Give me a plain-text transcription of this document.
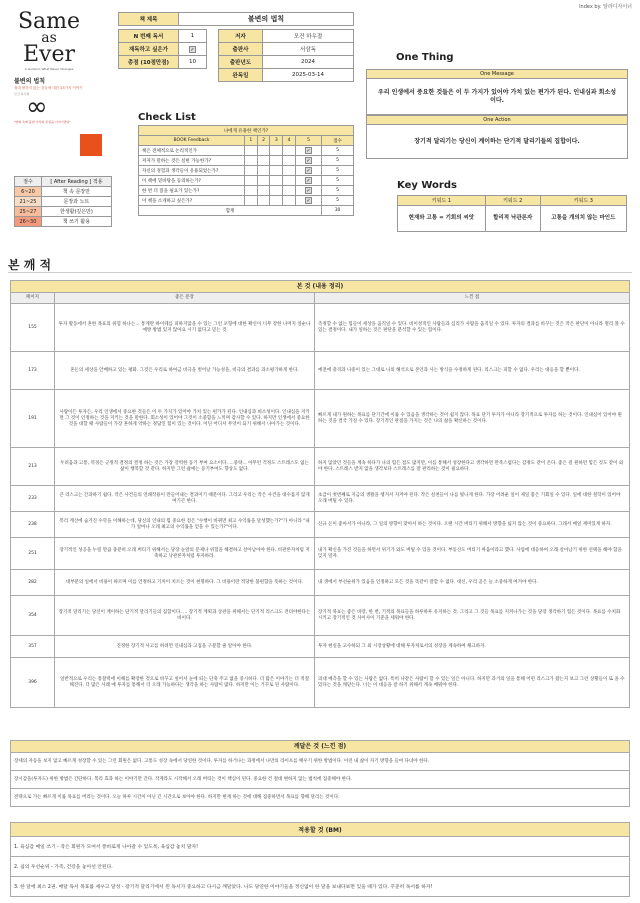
Index by. 알라디자이너
Same
as
Ever
A Guide to What Never Changes
불변의 법칙
절대 변하지 않는 것들에 대한 23가지 이야기
모건 하우절
∞
"변화 속에 불변 가치의 본질을 이야기한다"
점수	[ After Reading ] 적용
6~20	책 속 문장만
21~25	문장과 노트
25~27	한생활(깊은만)
26~30	책 쓰기 활용
책 제목	불변의 법칙			

N 번째 독서	1		저자	모건 하우절
재독하고 싶은가	✓		출판사	서삼독
총점 (10점만점)	10		출판년도	2024
			완독일	2025-03-14
One Thing
One Message
우리 인생에서 중요한 것들은 이 두 가지가 있어야 가치 있는 편가가 된다. 인내심과 회소성이다.
One Action
장기적 달리기는 당신이 계이하는 단기적 달리기들의 집합이다.
Check List
나에게 유용한 책인가?						
BOOK Feedback	1	2	3	4	5	점수
책은 전체적으로 논리적인가					✓	5
저자가 말하는 것은 실현 가능한가?					✓	5
자신의 경험과 생각들이 유용되었는가?					✓	5
이 책에 밑바탕을 동의하는가?					✓	5
한 번 더 읽을 필요가 있는가?					✓	5
이 책을 소개하고 싶은가?					✓	5
합계						30
Key Words
키워드 1	키워드 2	키워드 3
현재와 고통 = 기회의 씨앗	합리적 낙관론자	고통을 개의치 않는 마인드
본 깨 적
본 것 (내용 정리)		
페이지	좋은 문장	느낀 점
155	투자 활동에서 흔한 목표의 위험 하나는... 통계란 하이테를 피하지않을 수 있는 그런 포형에 대한 확신이 너무 강한 나머지 일순나 예방 방법 있지 않아요 시기 없다고 믿는 것	측정할 수 없는 힘들이 세상을 움직일 수 있다. 비이성적인 사람들과 심리가 사람을 움직일 수 있다. 투자의 결과를 바꾸는 것은 작은 판단이 아니라 멀리 볼 수 있는 결정이다. 내가 일하는 것은 판단을 분석할 수 있는 힘이다.
173	혼돈의 세상을 안배하고 있는 평화. 그것은 우리로 하여금 비극을 벗어날 가능성을, 비극의 결과를 과소평가하게 한다.	예전에 충격과 나중이 있는 그대로 나의 해석으로 본인과 사는 방식을 수정하게 된다. 리스크는 피할 수 없다. 우리는 대응을 할 뿐이다.
191	사람이든 투자든, 우리 인생에서 중요한 것들은 이 두 가지가 있어야 가치 있는 편가가 된다. 인내심과 희소성이다. 인내심을 지키면 그 것이 인정하는 것을 지키는 것을 말한다. 회소성이 있어야 그것이 소중함을 느끼며 감사할 수 있다. 하지만 인생에서 중요한 것을 대할 때 사람들이 가장 흔하게 약하는 정답인 힘이 있는 것이다. 어딘 어디서 무엇이 되기 위해서 나아가는 것이다.	빠르게 내가 원하는 목표를 단기간에 이룰 수 있음을 생각하는 것이 쉽지 않다. 목표 단기 투자가 아니라 장기적으로 투자를 하는 것이다. 인내심이 있어야 원하는 것을 결국 가질 수 있다. 장기적인 관점을 가지는 것은 나의 삶을 확신하는 것이다.
213	두려움과 고통, 역경은 긍정적 결정의 결정 하는 것은 가장 강력한 동기 부여 요소이다. ...중략... 아무런 걱정도 스트레스도 없는 삶이 행복할 것 같다. 하지만 그런 삶에는 동기부여도 향상도 없다.	하지 않았던 것들을 계속 하다가 나의 힘든 점도 많지만, 이를 통해서 성장한다고 생각하면 만족스럽다는 감정도 같이 온다. 좋은 걸 원하면 힘든 것도 같이 와야 한다. 스트레스 받지 않을 생각보다 스트레스를 잘 관리하는 것이 필요하다.
233	큰 리스크는 간과하기 쉽다. 작은 사건들의 연쇄작용이 만들어내는 결과이기 때문이다. 그리고 우리는 작은 사건을 대수롭지 않게 여기곤 한다.	초급이 첫번째로 지금의 생활을 챙겨서 지켜야 된다. 작은 실천들이 나를 빛나게 한다. 가장 어려운 일이 제일 좋은 기회일 수 있다. 일에 대한 철학이 있어야 오래 버틸 수 있다.
238	복리 계산에 숨겨진 수학을 이해하는데, 당신의 인내의 힘 중요한 점은 "수행이 바뀌면 최고 수익률을 달성했는가?"가 아니라 "내가 얼마나 오래 최고의 수익률을 얻을 수 있는가?"이다.	신규 돈이 좋아서가 아니라, 그 일의 방향이 맞아서 하는 것이다. 오랜 시간 버티기 위해서 방향을 잃지 않는 것이 중요하다. 그래서 매일 재미있게 하자.
251	장기적인 성공을 누릴 만큼 충분히 오래 버티기 위해서는 당장 눈앞의 문제나 위험을 해결하고 살아남아야 한다. 비관론자처럼 저축하고 낙관론자처럼 투자하라.	내가 확신을 가진 것들을 하면서 위기가 와도 버틸 수 있을 것이다. 부동산도 버티기 싸움이라고 했다. 사업에 대응하여 오래 살아남기 위한 선택을 해야 함을 잊지 말자.
282	대부분의 일에서 비용이 따르며 이를 인정하고 기꺼이 치르는 것이 현명하다. 그 비용이란 적당한 불편함을 뜻하는 것이다.	내 생에서 부선순위가 있음을 인정하고 모든 것을 똑같이 잘할 수 없다. 대신, 우리 곧은 늘 소중하게 여겨야 한다.
354	장기적 달리기는 당신이 계이하는 단기적 달리기들의 집합이다. ... 장기적 계획과 상관을 위해서는 단기적 리스크도 견뎌야한다는 바이다.	장기적 목표는 좋은 바랑, 한 번, 기적의 목표들을 하루하루 유지하는 것. 그리고 그 것들 목표를 지켜나가는 것을 당장 생각하기 힘든 것이다. 목표를 수치화 시키고 장기적인 것 사이사이 기준을 세워야 한다.
357	진정한 장기적 사고를 하려면 인내심과 고집을 구분할 줄 알아야 한다.	투자 현실을 고수하되 그 외 시장상황에 대해 투자처로서의 성장을 계속하여 체크하자.
396	일반적으로 우리는 통찰력에 이해를 확장한 것으로 바꾸고 싶어서 눈에 띄는 단축 주고 없을 증시하다. 더 많은 이야기는 더 적절해진다. 더 많은 사례 예 투자를 통해서 더 오래 가능하다는 생각을 하는 사람이 많다. 하지만 이는 거꾸로 된 사람이다.	의대 예측을 할 수 있는 사람은 없다. 특히 나같은 사람이 할 수 있는 일은 아니다. 하지만 과거의 일을 통해 어떤 리스크가 왔는지 보고 그런 상황들이 또 올 수 있다는 것을 깨닫는다. 너는 이 대응을 잘 하기 위해서 계속 배워야 한다.
깨달은 것 (느낀 점)
장세의 자동을 보지 않고 빠르게 성장할 수 있는 그런 회원은 없다. 고통도 성장 속에서 당연한 것이다. 투자를 하거나는 과정에서 나만의 라이프를 배우기 위한 방법이다. 이런 내 삶이 자기 방향을 들여 다녀야 한다.
장시감을(투자도) 위한 방법은 간단하다. 복리 효과 하는 이야기만 간다. 작게라도 시작해서 오래 버티는 것이 핵심이 된다. 중요한 건 절대 변하지 않는 법칙에 집중해야 한다.
전략으로 가는 빠르게 이룰 목표를 버리는 것이다. 오늘 하루 시간이 아닌 긴 시간으로 보아야 한다. 하지만 현재 하는 것에 대해 집중하면서 목표를 향해 달리는 것이다.
적용할 것 (BM)
1. 육십감 매일 쓰기 - 작은 회원가 모여서 퐁바로게 나아갈 수 있도록, 육십감 놓치 말자!
2. 쉼의 우선순위 - 가족, 건강을 놓아선 안된다.
3. 한 달에 최소 2권. 매달 독서 목표를 세우고 달성 - 장기적 달리기에서 왼 독서가 중요하고 다시금 깨달았다. 나도 당연한 이야기들을 정신없이 한 달을 보내다보면 잊을 때가 있다. 꾸준히 독서를 하자!
